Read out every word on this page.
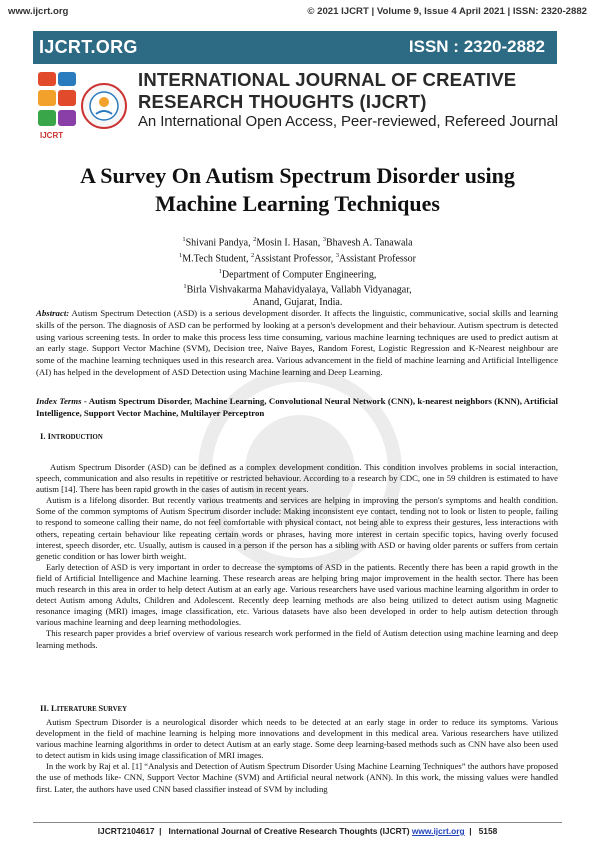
www.ijcrt.org	© 2021 IJCRT | Volume 9, Issue 4 April 2021 | ISSN: 2320-2882
IJCRT.ORG	ISSN : 2320-2882
IJCRT
INTERNATIONAL JOURNAL OF CREATIVE
RESEARCH THOUGHTS (IJCRT)
An International Open Access, Peer-reviewed, Refereed Journal
A Survey On Autism Spectrum Disorder using
Machine Learning Techniques
$^1$Shivani Pandya, $^2$Mosin I. Hasan, $^3$Bhavesh A. Tanawala
$^1$M.Tech Student, $^2$Assistant Professor, $^3$Assistant Professor
$^1$Department of Computer Engineering,
$^1$Birla Vishvakarma Mahavidyalaya, Vallabh Vidyanagar,
Anand, Gujarat, India.
Abstract: Autism Spectrum Detection (ASD) is a serious development disorder. It affects the linguistic, communicative, social skills and learning skills of the person. The diagnosis of ASD can be performed by looking at a person's development and their behaviour. Autism spectrum is detected using various screening tests. In order to make this process less time consuming, various machine learning techniques are used to predict autism at an early stage. Support Vector Machine (SVM), Decision tree, Naïve Bayes, Random Forest, Logistic Regression and K-Nearest neighbour are some of the machine learning techniques used in this research area. Various advancement in the field of machine learning and Artificial Intelligence (AI) has helped in the development of ASD Detection using Machine learning and Deep Learning.
Index Terms - Autism Spectrum Disorder, Machine Learning, Convolutional Neural Network (CNN), k-nearest neighbors (KNN), Artificial Intelligence, Support Vector Machine, Multilayer Perceptron
I. INTRODUCTION

Autism Spectrum Disorder (ASD) can be defined as a complex development condition. This condition involves problems in social interaction, speech, communication and also results in repetitive or restricted behaviour. According to a research by CDC, one in 59 children is estimated to have autism [14]. There has been rapid growth in the cases of autism in recent years.

Autism is a lifelong disorder. But recently various treatments and services are helping in improving the person's symptoms and health condition. Some of the common symptoms of Autism Spectrum disorder include: Making inconsistent eye contact, tending not to look or listen to people, failing to respond to someone calling their name, do not feel comfortable with physical contact, not being able to express their gestures, less interactions with others, repeating certain behaviour like repeating certain words or phrases, having more interest in certain specific topics, having overly focused interest, speech disorder, etc. Usually, autism is caused in a person if the person has a sibling with ASD or having older parents or suffers from certain genetic condition or has lower birth weight.

Early detection of ASD is very important in order to decrease the symptoms of ASD in the patients. Recently there has been a rapid growth in the field of Artificial Intelligence and Machine learning. These research areas are helping bring major improvement in the health sector. There has been much research in this area in order to help detect Autism at an early age. Various researchers have used various machine learning algorithm in order to detect Autism among Adults, Children and Adolescent. Recently deep learning methods are also being utilized to detect autism using Magnetic resonance imaging (MRI) images, image classification, etc. Various datasets have also been developed in order to help autism detection through various machine learning and deep learning methodologies.

This research paper provides a brief overview of various research work performed in the field of Autism detection using machine learning and deep learning methods.

II. LITERATURE SURVEY

Autism Spectrum Disorder is a neurological disorder which needs to be detected at an early stage in order to reduce its symptoms. Various development in the field of machine learning is helping more innovations and development in this medical area. Various researchers have utilized various machine learning algorithms in order to detect Autism at an early stage. Some deep learning-based methods such as CNN have also been used to detect autism in kids using image classification of MRI images.

In the work by Raj et al. [1] “Analysis and Detection of Autism Spectrum Disorder Using Machine Learning Techniques” the authors have proposed the use of methods like- CNN, Support Vector Machine (SVM) and Artificial neural network (ANN). In this work, the missing values were handled first. Later, the authors have used CNN based classifier instead of SVM by including

IJCRT2104617  |   International Journal of Creative Research Thoughts (IJCRT) www.ijcrt.org  |   5158
